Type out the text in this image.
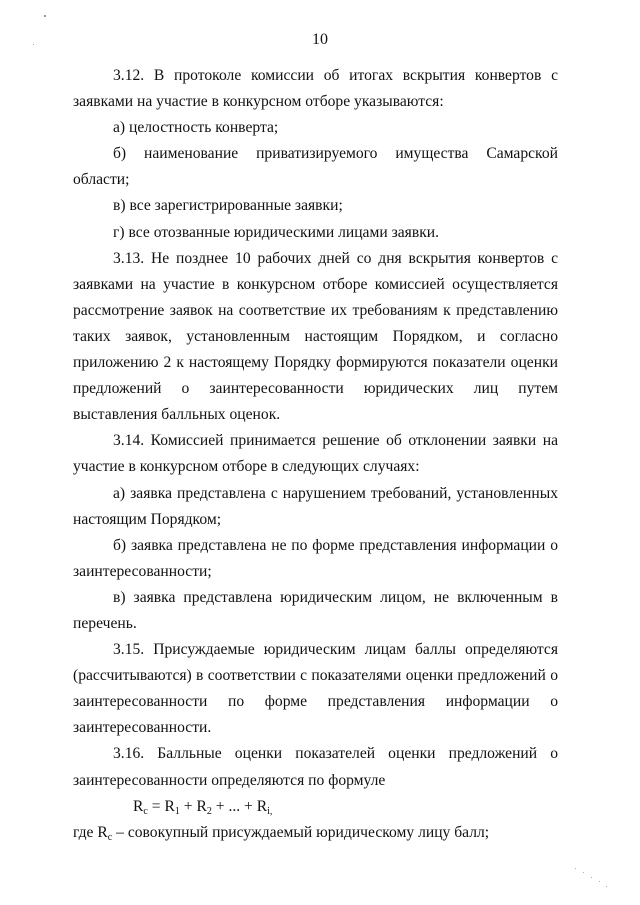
10

3.12. В протоколе комиссии об итогах вскрытия конвертов с заявками на участие в конкурсном отборе указываются:

а) целостность конверта;

б) наименование приватизируемого имущества Самарской области;

в) все зарегистрированные заявки;

г) все отозванные юридическими лицами заявки.

3.13. Не позднее 10 рабочих дней со дня вскрытия конвертов с заявками на участие в конкурсном отборе комиссией осуществляется рассмотрение заявок на соответствие их требованиям к представлению таких заявок, установленным настоящим Порядком, и согласно приложению 2 к настоящему Порядку формируются показатели оценки предложений о заинтересованности юридических лиц путем выставления балльных оценок.

3.14. Комиссией принимается решение об отклонении заявки на участие в конкурсном отборе в следующих случаях:

а) заявка представлена с нарушением требований, установленных настоящим Порядком;

б) заявка представлена не по форме представления информации о заинтересованности;

в) заявка представлена юридическим лицом, не включенным в перечень.

3.15. Присуждаемые юридическим лицам баллы определяются (рассчитываются) в соответствии с показателями оценки предложений о заинтересованности по форме представления информации о заинтересованности.

3.16. Балльные оценки показателей оценки предложений о заинтересованности определяются по формуле

$R_c = R_1 + R_2$ + ... + $R_{i,}$

где $R_c$ – совокупный присуждаемый юридическому лицу балл;
